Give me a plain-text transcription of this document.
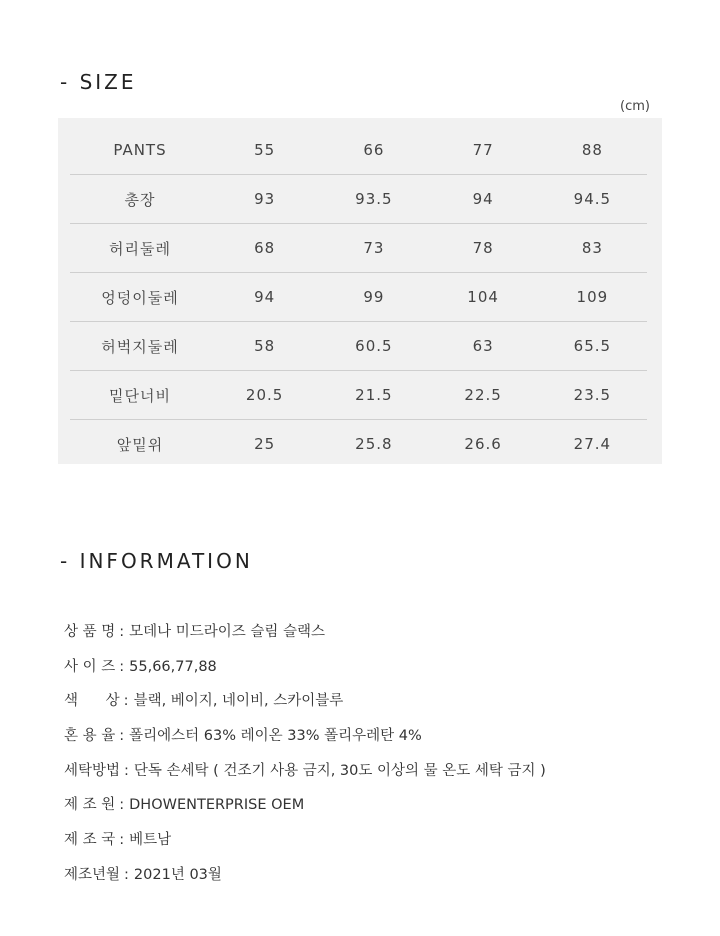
- SIZE
(cm)
PANTS	55	66	77	88
총장	93	93.5	94	94.5
허리둘레	68	73	78	83
엉덩이둘레	94	99	104	109
허벅지둘레	58	60.5	63	65.5
밑단너비	20.5	21.5	22.5	23.5
앞밑위	25	25.8	26.6	27.4
- INFORMATION
상 품 명 : 모데나 미드라이즈 슬림 슬랙스
사 이 즈 : 55,66,77,88
색      상 : 블랙, 베이지, 네이비, 스카이블루
혼 용 율 : 폴리에스터 63% 레이온 33% 폴리우레탄 4%
세탁방법 : 단독 손세탁 ( 건조기 사용 금지, 30도 이상의 물 온도 세탁 금지 )
제 조 원 : DHOWENTERPRISE OEM
제 조 국 : 베트남
제조년월 : 2021년 03월
